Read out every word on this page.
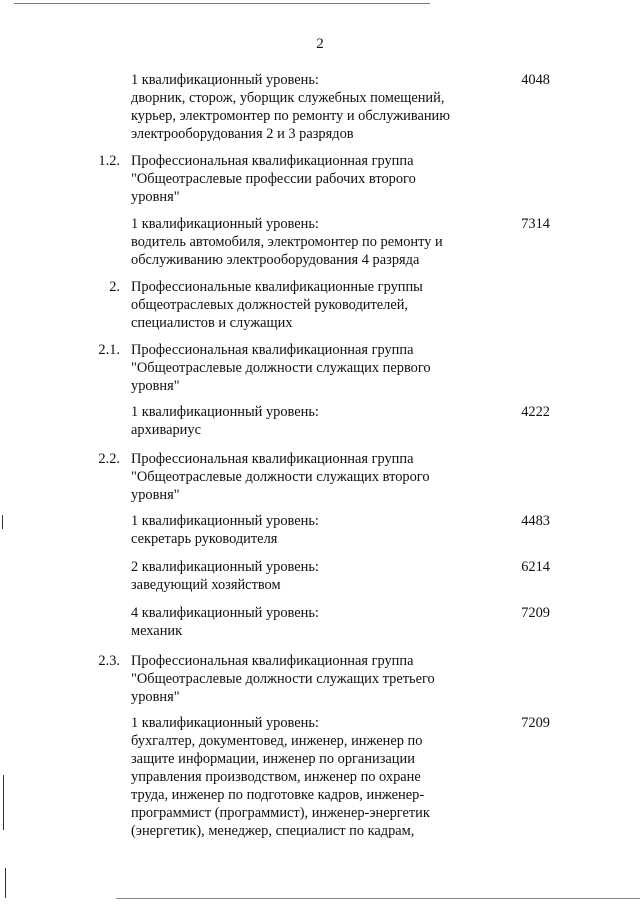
2
1 квалификационный уровень:
дворник, сторож, уборщик служебных помещений,
курьер, электромонтер по ремонту и обслуживанию
электрооборудования 2 и 3 разрядов
4048
1.2. Профессиональная квалификационная группа
"Общеотраслевые профессии рабочих второго
уровня"
1 квалификационный уровень:
водитель автомобиля, электромонтер по ремонту и
обслуживанию электрооборудования 4 разряда
7314
2. Профессиональные квалификационные группы
общеотраслевых должностей руководителей,
специалистов и служащих
2.1. Профессиональная квалификационная группа
"Общеотраслевые должности служащих первого
уровня"
1 квалификационный уровень:
архивариус
4222
2.2. Профессиональная квалификационная группа
"Общеотраслевые должности служащих второго
уровня"
1 квалификационный уровень:
секретарь руководителя
4483
2 квалификационный уровень:
заведующий хозяйством
6214
4 квалификационный уровень:
механик
7209
2.3. Профессиональная квалификационная группа
"Общеотраслевые должности служащих третьего
уровня"
1 квалификационный уровень:
бухгалтер, документовед, инженер, инженер по
защите информации, инженер по организации
управления производством, инженер по охране
труда, инженер по подготовке кадров, инженер-
программист (программист), инженер-энергетик
(энергетик), менеджер, специалист по кадрам,
7209
